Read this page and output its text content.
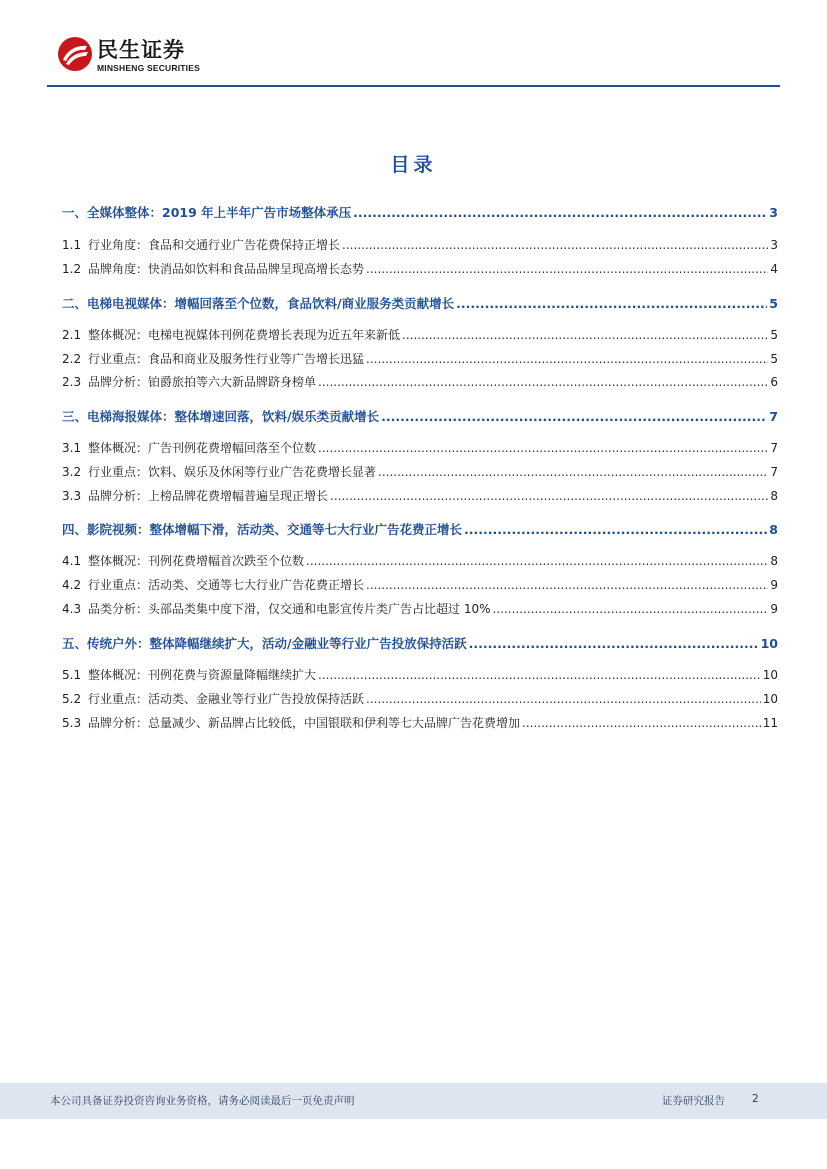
民生证券
MINSHENG SECURITIES
目录
一、 全媒体整体：2019 年上半年广告市场整体承压 .....	3
1.1 行业角度：食品和交通行业广告花费保持正增长 .....	3
1.2 品牌角度：快消品如饮料和食品品牌呈现高增长态势 .....	4
二、 电梯电视媒体：增幅回落至个位数，食品饮料/商业服务类贡献增长 .....	5
2.1 整体概况：电梯电视媒体刊例花费增长表现为近五年来新低 .....	5
2.2 行业重点：食品和商业及服务性行业等广告增长迅猛 .....	5
2.3 品牌分析：铂爵旅拍等六大新品牌跻身榜单 .....	6
三、 电梯海报媒体：整体增速回落，饮料/娱乐类贡献增长 .....	7
3.1 整体概况：广告刊例花费增幅回落至个位数 .....	7
3.2 行业重点：饮料、娱乐及休闲等行业广告花费增长显著 .....	7
3.3 品牌分析：上榜品牌花费增幅普遍呈现正增长 .....	8
四、 影院视频：整体增幅下滑，活动类、交通等七大行业广告花费正增长 .....	8
4.1 整体概况：刊例花费增幅首次跌至个位数 .....	8
4.2 行业重点：活动类、交通等七大行业广告花费正增长 .....	9
4.3 品类分析：头部品类集中度下滑，仅交通和电影宣传片类广告占比超过 10% .....	9
五、 传统户外：整体降幅继续扩大，活动/金融业等行业广告投放保持活跃 .....	10
5.1 整体概况：刊例花费与资源量降幅继续扩大 .....	10
5.2 行业重点：活动类、金融业等行业广告投放保持活跃 .....	10
5.3 品牌分析：总量减少、新品牌占比较低，中国银联和伊利等七大品牌广告花费增加 .....	11
本公司具备证券投资咨询业务资格，请务必阅读最后一页免责声明	证券研究报告	2
